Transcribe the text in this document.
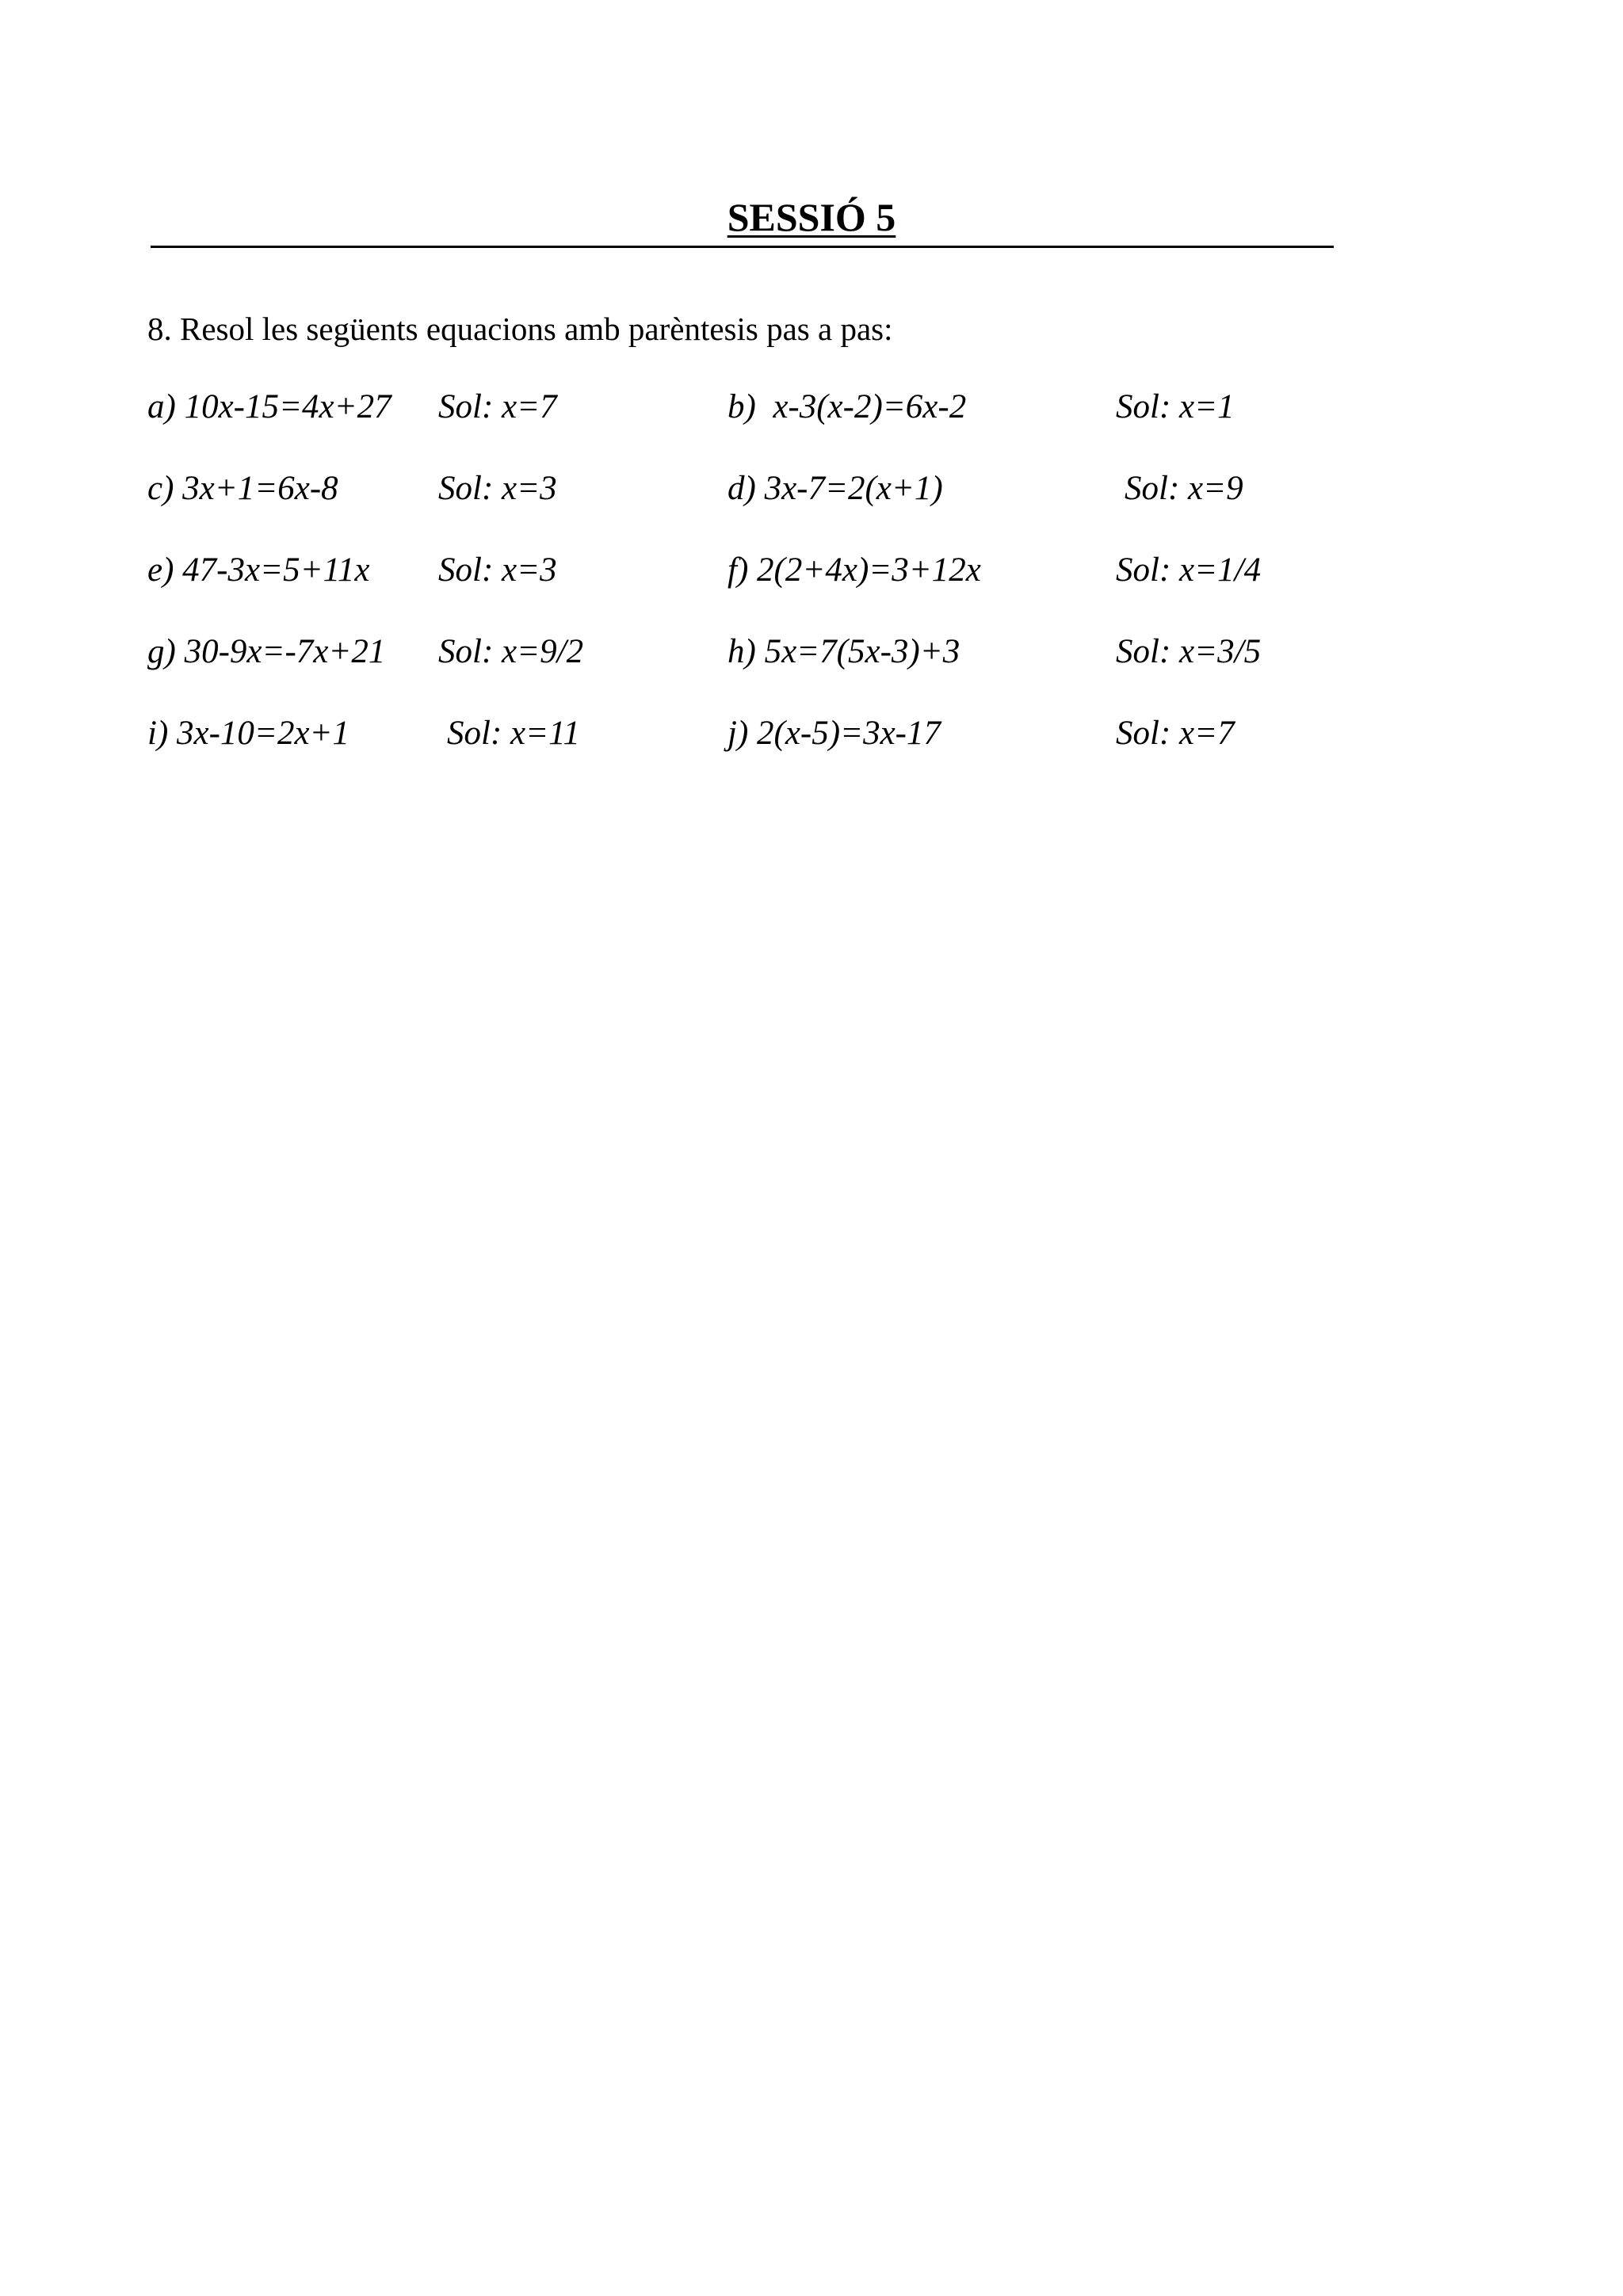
SESSIÓ 5
8. Resol les següents equacions amb parèntesis pas a pas:
a) 10x-15=4x+27 Sol: x=7	b)  x-3(x-2)=6x-2	Sol: x=1
c) 3x+1=6x-8	Sol: x=3	d) 3x-7=2(x+1)	Sol: x=9
e) 47-3x=5+11x Sol: x=3	f) 2(2+4x)=3+12x	Sol: x=1/4
g) 30-9x=-7x+21 Sol: x=9/2	h) 5x=7(5x-3)+3	Sol: x=3/5
i) 3x-10=2x+1	Sol: x=11	j) 2(x-5)=3x-17	Sol: x=7
